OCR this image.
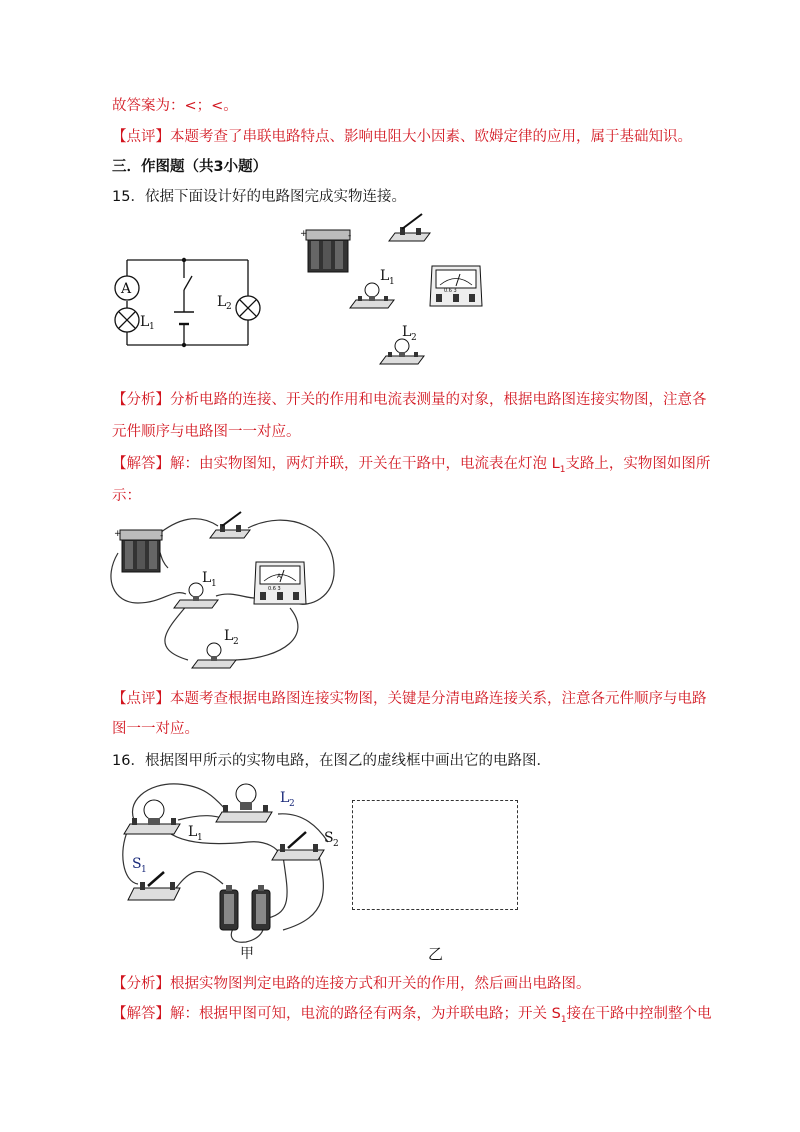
故答案为：<；<。
【点评】本题考查了串联电路特点、影响电阻大小因素、欧姆定律的应用，属于基础知识。
三．作图题（共3小题）
15．依据下面设计好的电路图完成实物连接。
A
L 1
L 2
+	-
L 1
0.6 3
L 2
【分析】分析电路的连接、开关的作用和电流表测量的对象，根据电路图连接实物图，注意各
元件顺序与电路图一一对应。
【解答】解：由实物图知，两灯并联，开关在干路中，电流表在灯泡 $L_1$支路上，实物图如图所
示：
+	-
L 1
A
0.6 3
L 2
【点评】本题考查根据电路图连接实物图，关键是分清电路连接关系，注意各元件顺序与电路
图一一对应。
16．根据图甲所示的实物电路，在图乙的虚线框中画出它的电路图．
L 2
L 1	S 2
S 1
甲	乙
【分析】根据实物图判定电路的连接方式和开关的作用，然后画出电路图。
【解答】解：根据甲图可知，电流的路径有两条，为并联电路；开关 $S_1$接在干路中控制整个电
